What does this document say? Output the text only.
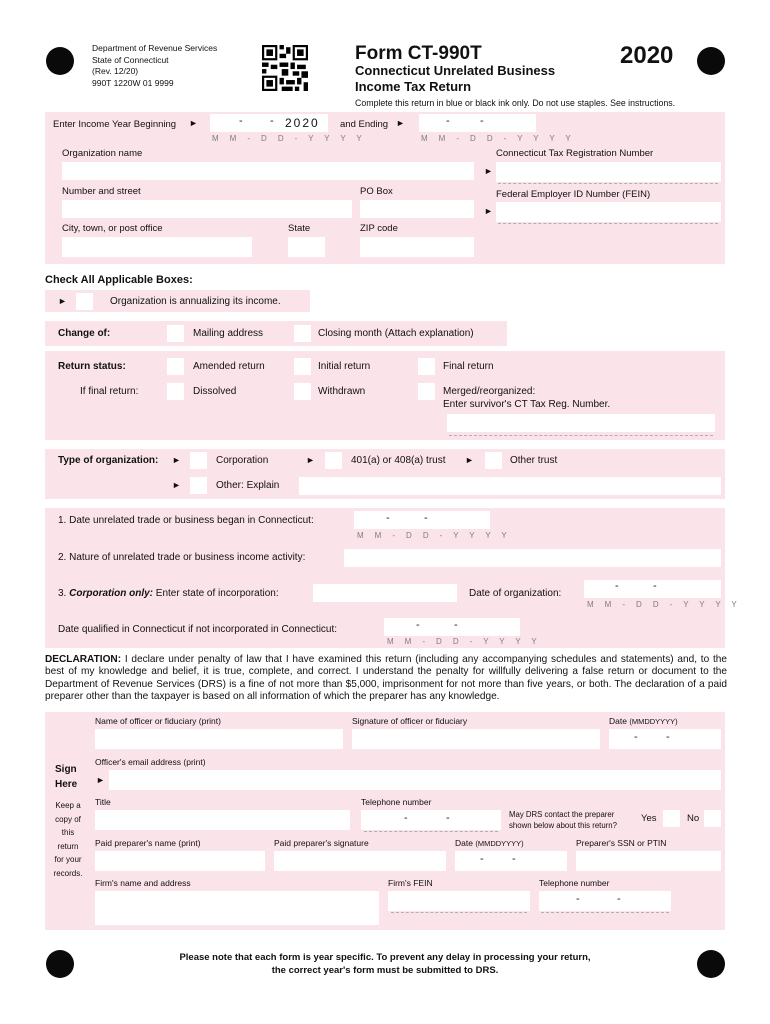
Department of Revenue Services
State of Connecticut
(Rev. 12/20)
990T 1220W 01 9999
Form CT-990T	2020
Connecticut Unrelated Business
Income Tax Return
Complete this return in blue or black ink only. Do not use staples. See instructions.
Enter Income Year Beginning ►	- - 2020
M M - D D - Y Y Y Y
and Ending ►	-	-
M M - D D - Y Y Y Y
Organization name	Connecticut Tax Registration Number
►
Number and street	PO Box	Federal Employer ID Number (FEIN)
►
City, town, or post office	State	ZIP code
Check All Applicable Boxes:
►	Organization is annualizing its income.
Change of:	Mailing address	Closing month (Attach explanation)
Return status:	Amended return	Initial return	Final return
If final return:	Dissolved	Withdrawn	Merged/reorganized:
Enter survivor's CT Tax Reg. Number.
Type of organization: ►	Corporation	►	401(a) or 408(a) trust ►	Other trust
►	Other: Explain
1. Date unrelated trade or business began in Connecticut:	-	-
M M - D D - Y Y Y Y
2. Nature of unrelated trade or business income activity:
3. Corporation only: Enter state of incorporation:	Date of organization:
-	-
M M - D D - Y Y Y Y
Date qualified in Connecticut if not incorporated in Connecticut:	-	-
M M - D D - Y Y Y Y
DECLARATION: I declare under penalty of law that I have examined this return (including any accompanying schedules and statements) and, to the best of my knowledge and belief, it is true, complete, and correct. I understand the penalty for willfully delivering a false return or document to the Department of Revenue Services (DRS) is a fine of not more than $5,000, imprisonment for not more than five years, or both. The declaration of a paid preparer other than the taxpayer is based on all information of which the preparer has any knowledge.
Sign
Here
Keep a
copy of
this
return
for your
records.
Name of officer or fiduciary (print)	Signature of officer or fiduciary	Date (MMDDYYYY)
-	-
Officer's email address (print)
►
Title	Telephone number
-	-	May DRS contact the preparer
shown below about this return?
Yes	No
Paid preparer's name (print)	Paid preparer's signature	Date (MMDDYYYY)
-	-
Preparer's SSN or PTIN
Firm's name and address	Firm's FEIN	Telephone number
-	-
Please note that each form is year specific. To prevent any delay in processing your return,
the correct year's form must be submitted to DRS.
